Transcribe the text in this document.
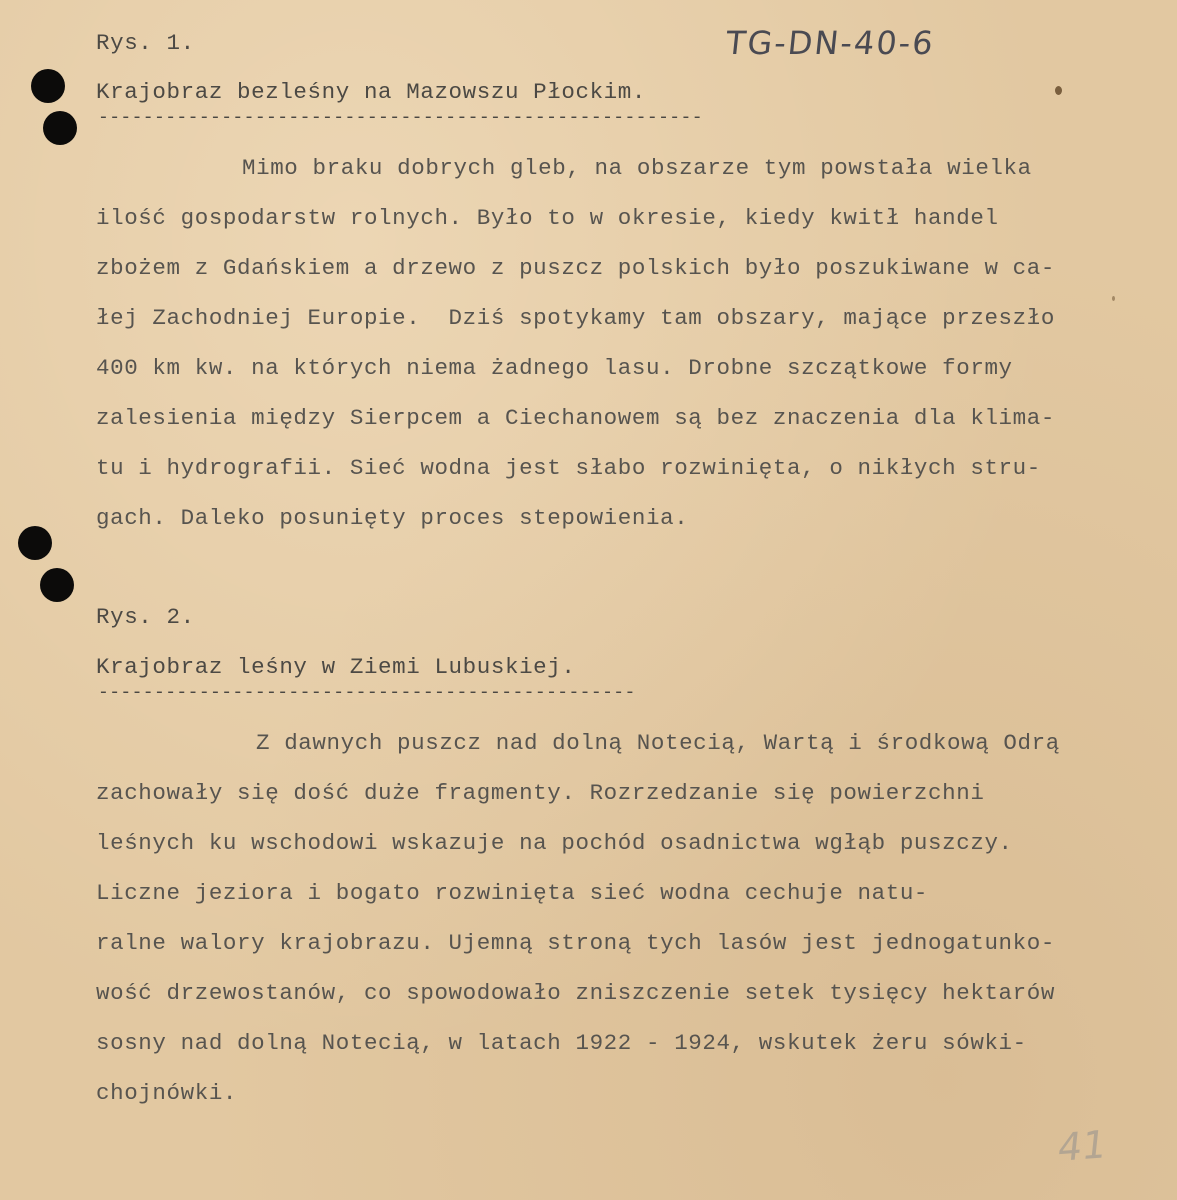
TG-DN-40-6
Rys. 1.
Krajobraz bezleśny na Mazowszu Płockim.
------------------------------------------------------
Mimo braku dobrych gleb, na obszarze tym powstała wielka
ilość gospodarstw rolnych. Było to w okresie, kiedy kwitł handel
zbożem z Gdańskiem a drzewo z puszcz polskich było poszukiwane w ca-
łej Zachodniej Europie.  Dziś spotykamy tam obszary, mające przeszło
400 km kw. na których niema żadnego lasu. Drobne szczątkowe formy
zalesienia między Sierpcem a Ciechanowem są bez znaczenia dla klima-
tu i hydrografii. Sieć wodna jest słabo rozwinięta, o nikłych stru-
gach. Daleko posunięty proces stepowienia.
Rys. 2.
Krajobraz leśny w Ziemi Lubuskiej.
------------------------------------------------
Z dawnych puszcz nad dolną Notecią, Wartą i środkową Odrą
zachowały się dość duże fragmenty. Rozrzedzanie się powierzchni
leśnych ku wschodowi wskazuje na pochód osadnictwa wgłąb puszczy.
Liczne jeziora i bogato rozwinięta sieć wodna cechuje natu-
ralne walory krajobrazu. Ujemną stroną tych lasów jest jednogatunko-
wość drzewostanów, co spowodowało zniszczenie setek tysięcy hektarów
sosny nad dolną Notecią, w latach 1922 - 1924, wskutek żeru sówki-
chojnówki.
41
